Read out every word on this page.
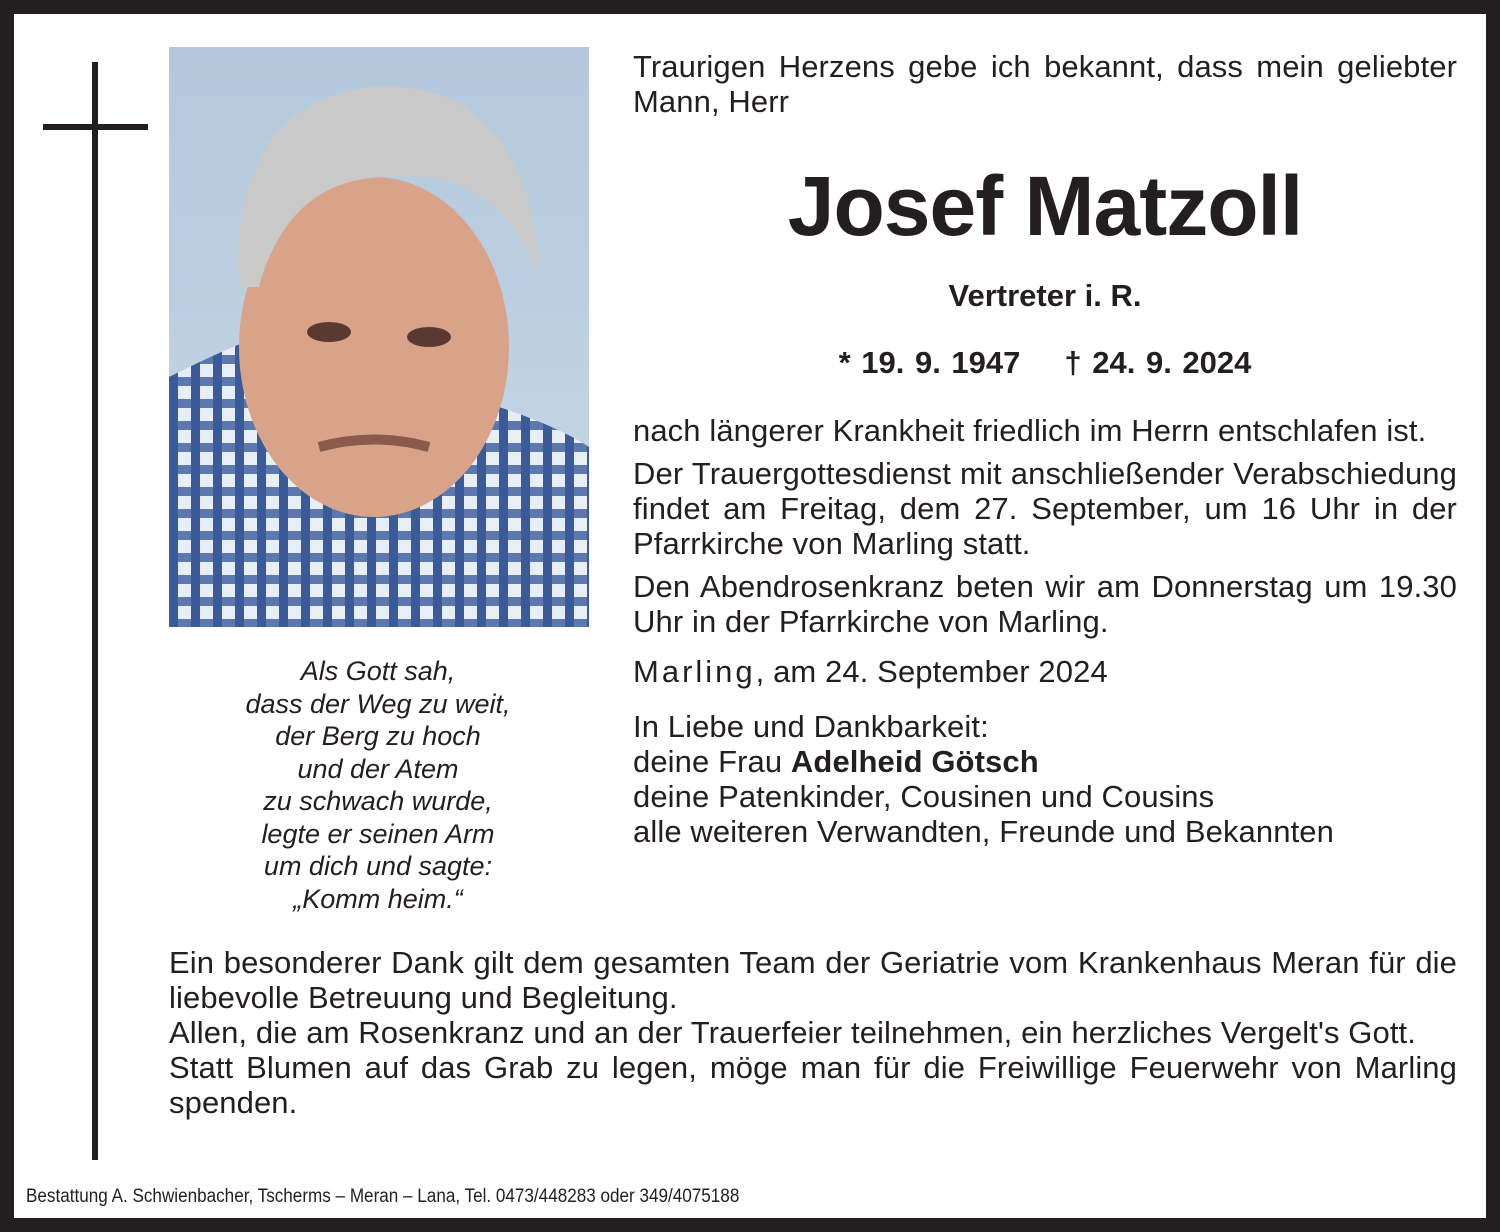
Traurigen Herzens gebe ich bekannt, dass mein geliebter Mann, Herr
Josef Matzoll
Vertreter i. R.
* 19. 9. 1947 † 24. 9. 2024

nach längerer Krankheit friedlich im Herrn entschlafen ist.

Der Trauergottesdienst mit anschließender Verabschiedung findet am Freitag, dem 27. September, um 16 Uhr in der Pfarrkirche von Marling statt.

Den Abendrosenkranz beten wir am Donnerstag um 19.30 Uhr in der Pfarrkirche von Marling.

Marling, am 24. September 2024

In Liebe und Dankbarkeit:

deine Frau Adelheid Götsch

deine Patenkinder, Cousinen und Cousins

alle weiteren Verwandten, Freunde und Bekannten

Als Gott sah,
dass der Weg zu weit,
der Berg zu hoch
und der Atem
zu schwach wurde,
legte er seinen Arm
um dich und sagte:
„Komm heim.“

Ein besonderer Dank gilt dem gesamten Team der Geriatrie vom Krankenhaus Meran für die liebevolle Betreuung und Begleitung.

Allen, die am Rosenkranz und an der Trauerfeier teilnehmen, ein herzliches Vergelt's Gott.

Statt Blumen auf das Grab zu legen, möge man für die Freiwillige Feuerwehr von Marling spenden.

Bestattung A. Schwienbacher, Tscherms – Meran – Lana, Tel. 0473/448283 oder 349/4075188
